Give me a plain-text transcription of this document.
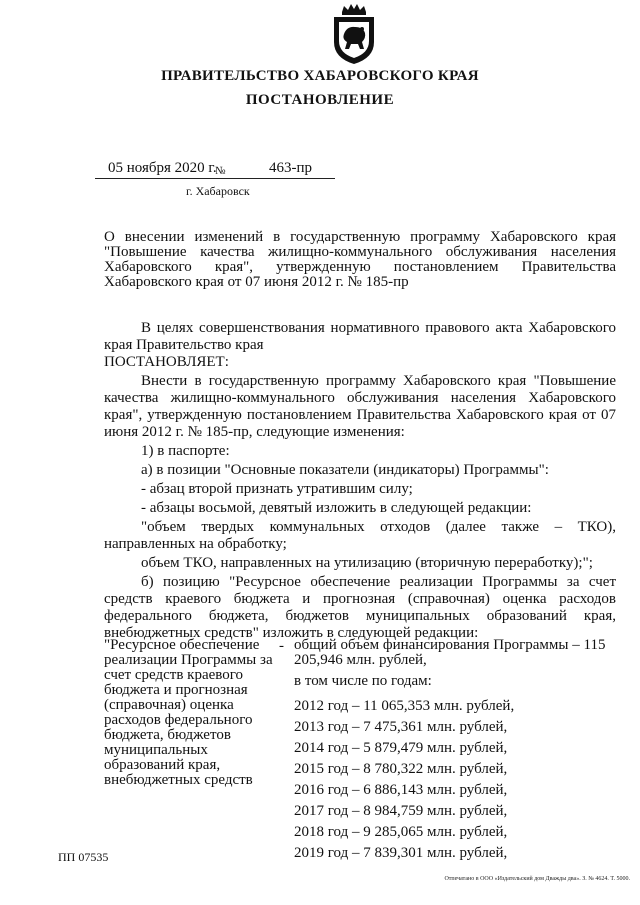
ПРАВИТЕЛЬСТВО ХАБАРОВСКОГО КРАЯ
ПОСТАНОВЛЕНИЕ
05 ноября 2020 г.
№	463-пр
г. Хабаровск
О внесении изменений в государственную программу Хабаровского края "Повышение качества жилищно-коммунального обслуживания населения Хабаровского края", утвержденную постановлением Правительства Хабаровского края от 07 июня 2012 г. № 185-пр

В целях совершенствования нормативного правового акта Хабаровского края Правительство края

ПОСТАНОВЛЯЕТ:

Внести в государственную программу Хабаровского края "Повышение качества жилищно-коммунального обслуживания населения Хабаровского края", утвержденную постановлением Правительства Хабаровского края от 07 июня 2012 г. № 185-пр, следующие изменения:

1) в паспорте:

а) в позиции "Основные показатели (индикаторы) Программы":

- абзац второй признать утратившим силу;

- абзацы восьмой, девятый изложить в следующей редакции:

"объем твердых коммунальных отходов (далее также – ТКО), направленных на обработку;

объем ТКО, направленных на утилизацию (вторичную переработку);";

б) позицию "Ресурсное обеспечение реализации Программы за счет средств краевого бюджета и прогнозная (справочная) оценка расходов федерального бюджета, бюджетов муниципальных образований края, внебюджетных средств" изложить в следующей редакции:

"Ресурсное обеспечение реализации Программы за счет средств краевого бюджета и прогнозная (справочная) оценка расходов федерального бюджета, бюджетов муниципальных образований края, внебюджетных средств
- общий объем финансирования Программы – 115 205,946 млн. рублей,
в том числе по годам:
2012 год – 11 065,353 млн. рублей,
2013 год – 7 475,361 млн. рублей,
2014 год – 5 879,479 млн. рублей,
2015 год – 8 780,322 млн. рублей,
2016 год – 6 886,143 млн. рублей,
2017 год – 8 984,759 млн. рублей,
2018 год – 9 285,065 млн. рублей,
2019 год – 7 839,301 млн. рублей,
ПП 07535
Отпечатано в ООО «Издательский дом Дважды два». З. № 4624. Т. 5000.
